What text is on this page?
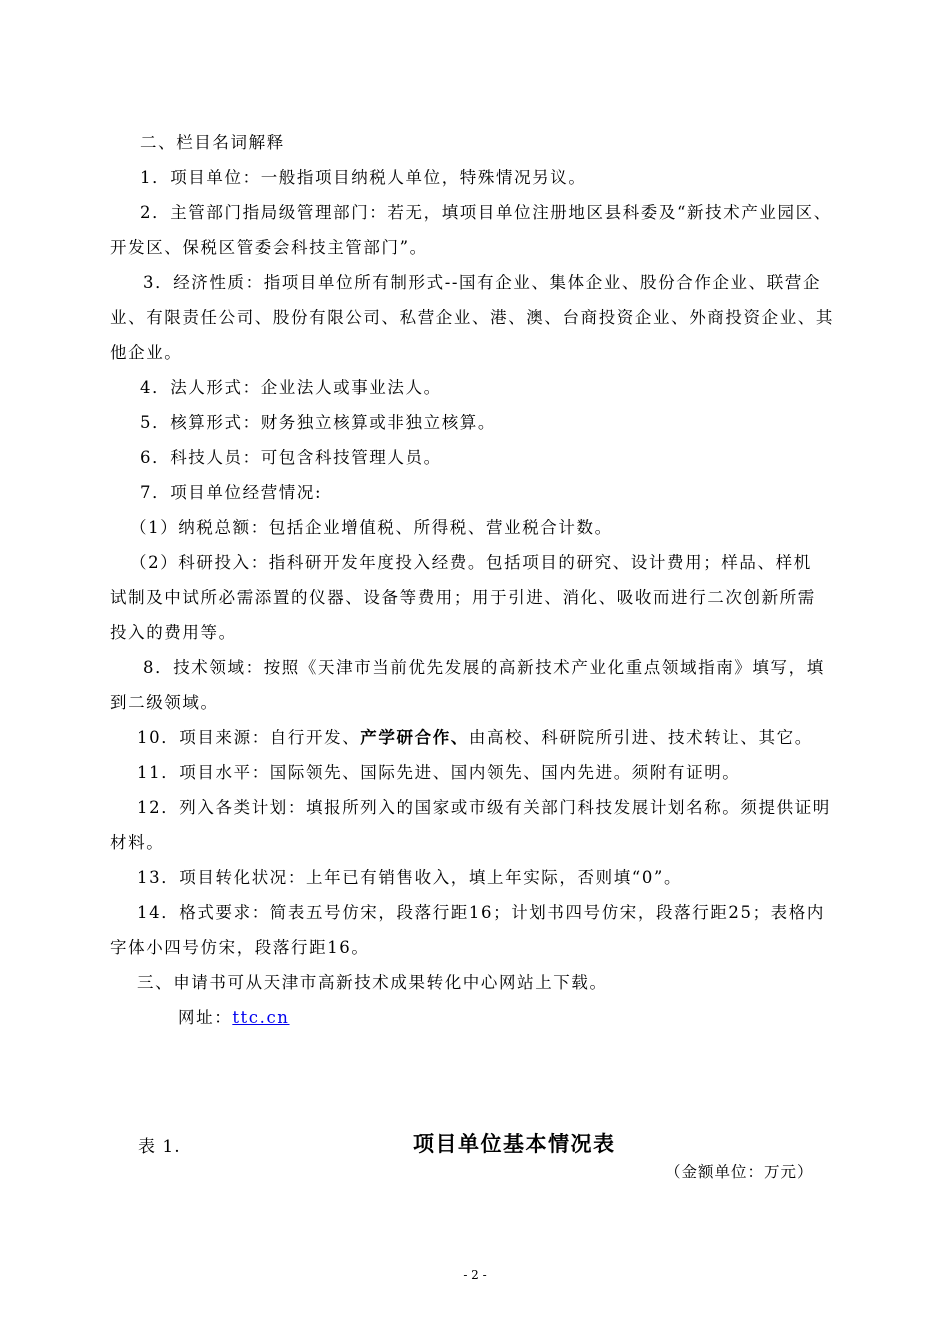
二、栏目名词解释

1．项目单位：一般指项目纳税人单位，特殊情况另议。

2．主管部门指局级管理部门：若无，填项目单位注册地区县科委及“新技术产业园区、

开发区、保税区管委会科技主管部门”。

3．经济性质：指项目单位所有制形式--国有企业、集体企业、股份合作企业、联营企

业、有限责任公司、股份有限公司、私营企业、港、澳、台商投资企业、外商投资企业、其

他企业。

4．法人形式：企业法人或事业法人。

5．核算形式：财务独立核算或非独立核算。

6．科技人员：可包含科技管理人员。

7．项目单位经营情况:

（1）纳税总额：包括企业增值税、所得税、营业税合计数。

（2）科研投入：指科研开发年度投入经费。包括项目的研究、设计费用；样品、样机

试制及中试所必需添置的仪器、设备等费用；用于引进、消化、吸收而进行二次创新所需

投入的费用等。

8．技术领域：按照《天津市当前优先发展的高新技术产业化重点领域指南》填写，填

到二级领域。

10．项目来源：自行开发、产学研合作、由高校、科研院所引进、技术转让、其它。

11．项目水平：国际领先、国际先进、国内领先、国内先进。须附有证明。

12．列入各类计划：填报所列入的国家或市级有关部门科技发展计划名称。须提供证明

材料。

13．项目转化状况：上年已有销售收入，填上年实际，否则填“0”。

14．格式要求：简表五号仿宋，段落行距16；计划书四号仿宋，段落行距25；表格内

字体小四号仿宋，段落行距16。

三、申请书可从天津市高新技术成果转化中心网站上下载。

网址：ttc.cn

表 1.	项目单位基本情况表
（金额单位：万元）
- 2 -
